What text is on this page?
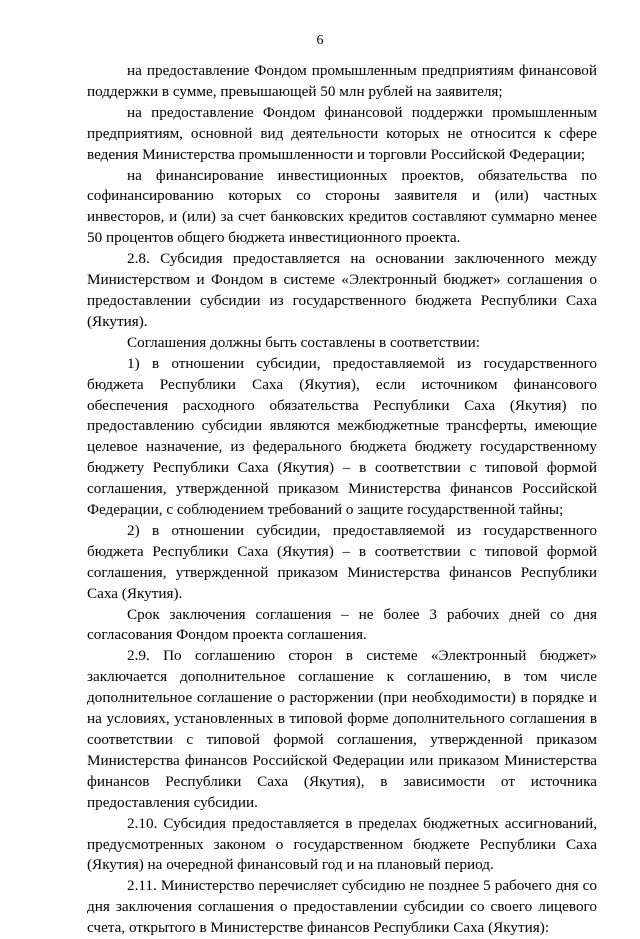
6

на предоставление Фондом промышленным предприятиям финансовой поддержки в сумме, превышающей 50 млн рублей на заявителя;

на предоставление Фондом финансовой поддержки промышленным предприятиям, основной вид деятельности которых не относится к сфере ведения Министерства промышленности и торговли Российской Федерации;

на финансирование инвестиционных проектов, обязательства по софинансированию которых со стороны заявителя и (или) частных инвесторов, и (или) за счет банковских кредитов составляют суммарно менее 50 процентов общего бюджета инвестиционного проекта.

2.8. Субсидия предоставляется на основании заключенного между Министерством и Фондом в системе «Электронный бюджет» соглашения о предоставлении субсидии из государственного бюджета Республики Саха (Якутия).

Соглашения должны быть составлены в соответствии:

1) в отношении субсидии, предоставляемой из государственного бюджета Республики Саха (Якутия), если источником финансового обеспечения расходного обязательства Республики Саха (Якутия) по предоставлению субсидии являются межбюджетные трансферты, имеющие целевое назначение, из федерального бюджета бюджету государственному бюджету Республики Саха (Якутия) – в соответствии с типовой формой соглашения, утвержденной приказом Министерства финансов Российской Федерации, с соблюдением требований о защите государственной тайны;

2) в отношении субсидии, предоставляемой из государственного бюджета Республики Саха (Якутия) – в соответствии с типовой формой соглашения, утвержденной приказом Министерства финансов Республики Саха (Якутия).

Срок заключения соглашения – не более 3 рабочих дней со дня согласования Фондом проекта соглашения.

2.9. По соглашению сторон в системе «Электронный бюджет» заключается дополнительное соглашение к соглашению, в том числе дополнительное соглашение о расторжении (при необходимости) в порядке и на условиях, установленных в типовой форме дополнительного соглашения в соответствии с типовой формой соглашения, утвержденной приказом Министерства финансов Российской Федерации или приказом Министерства финансов Республики Саха (Якутия), в зависимости от источника предоставления субсидии.

2.10. Субсидия предоставляется в пределах бюджетных ассигнований, предусмотренных законом о государственном бюджете Республики Саха (Якутия) на очередной финансовый год и на плановый период.

2.11. Министерство перечисляет субсидию не позднее 5 рабочего дня со дня заключения соглашения о предоставлении субсидии со своего лицевого счета, открытого в Министерстве финансов Республики Саха (Якутия):
